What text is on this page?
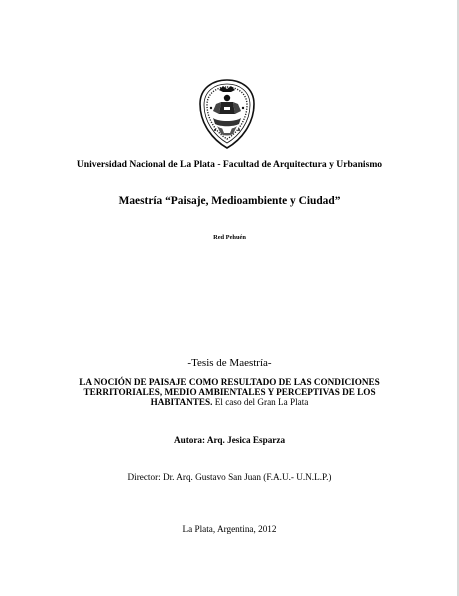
Universidad Nacional de La Plata - Facultad de Arquitectura y Urbanismo
Maestría “Paisaje, Medioambiente y Ciudad”
Red Pehuén
-Tesis de Maestría-
LA NOCIÓN DE PAISAJE COMO RESULTADO DE LAS CONDICIONES
TERRITORIALES, MEDIO AMBIENTALES Y PERCEPTIVAS DE LOS
HABITANTES. El caso del Gran La Plata
Autora: Arq. Jesica Esparza
Director: Dr. Arq. Gustavo San Juan (F.A.U.- U.N.L.P.)
La Plata, Argentina, 2012
